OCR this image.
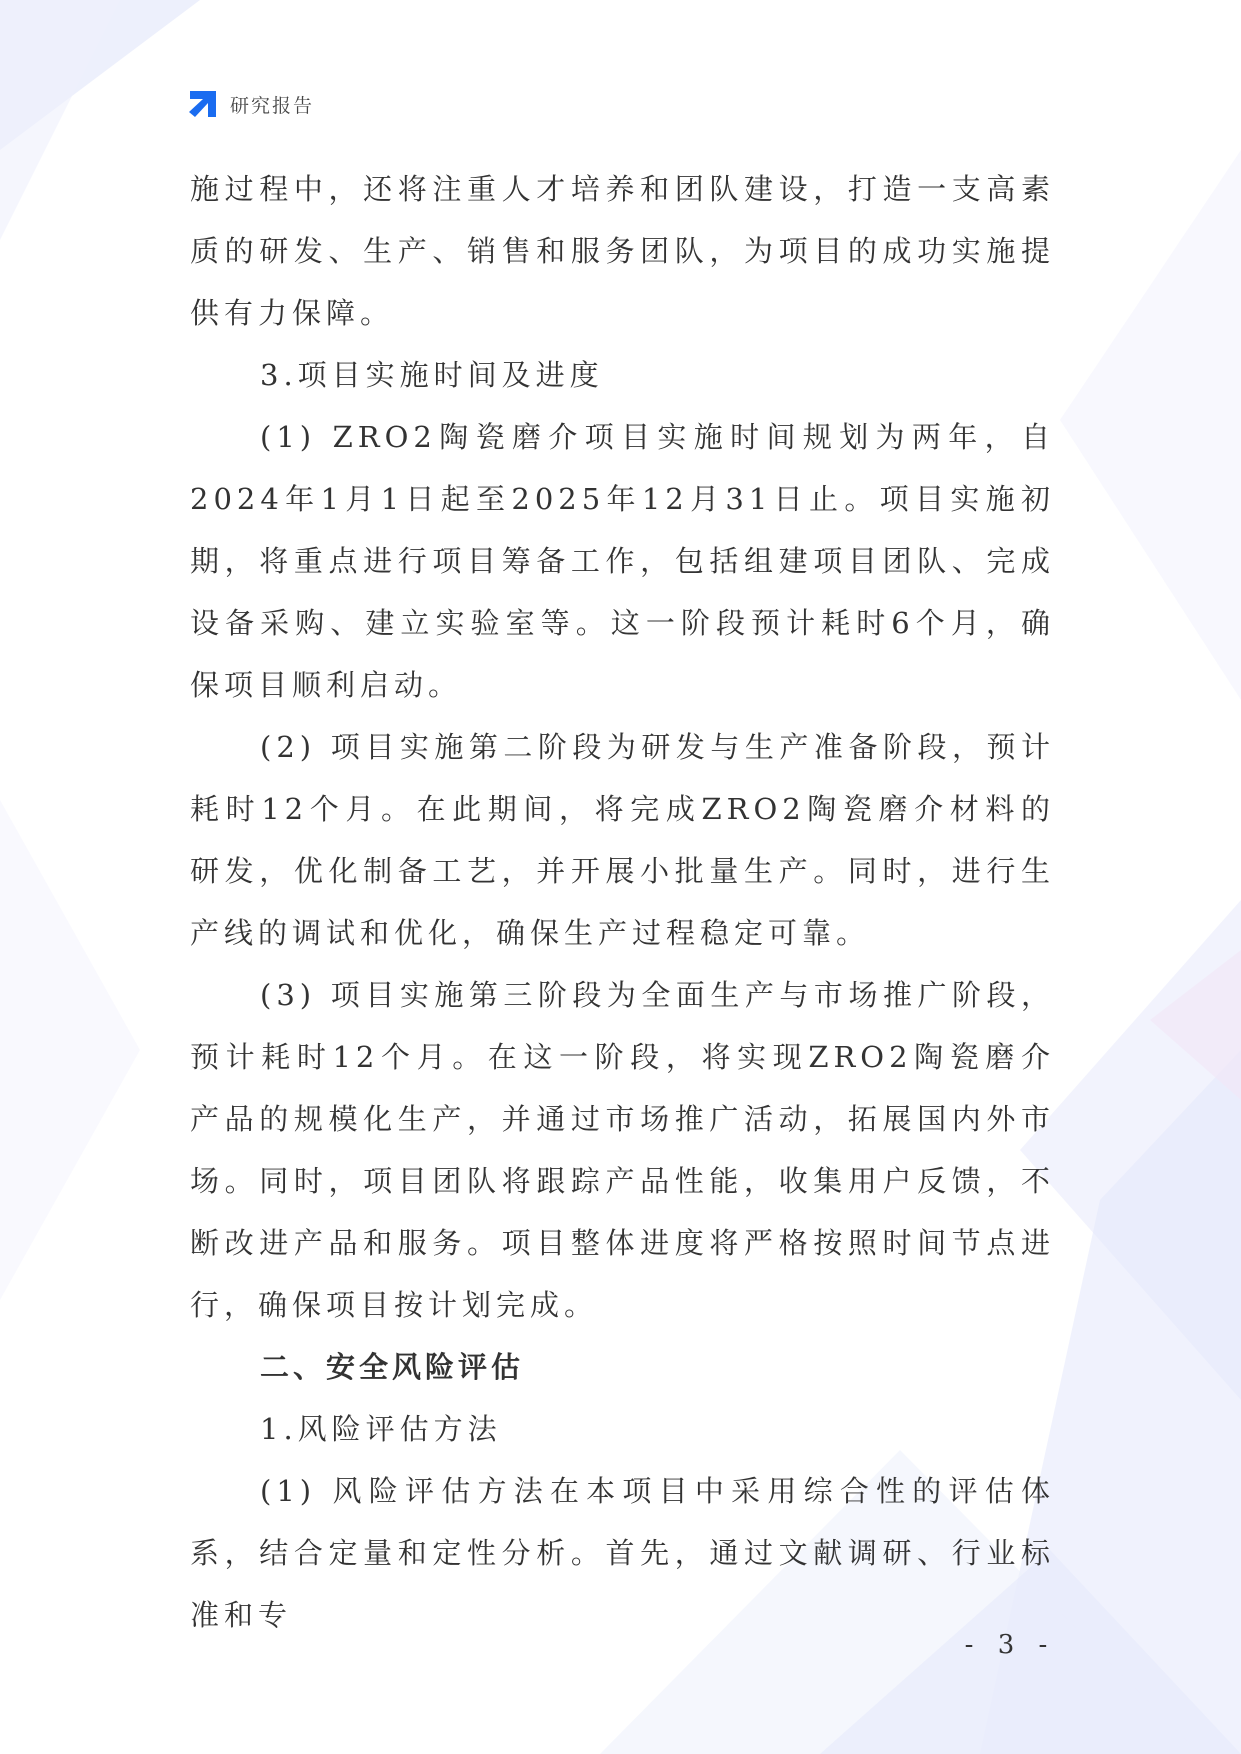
研究报告

施过程中，还将注重人才培养和团队建设，打造一支高素质的研发、生产、销售和服务团队，为项目的成功实施提供有力保障。

3.项目实施时间及进度

(1) ZRO2陶瓷磨介项目实施时间规划为两年，自2024年1月1日起至2025年12月31日止。项目实施初期，将重点进行项目筹备工作，包括组建项目团队、完成设备采购、建立实验室等。这一阶段预计耗时6个月，确保项目顺利启动。

(2) 项目实施第二阶段为研发与生产准备阶段，预计耗时12个月。在此期间，将完成ZRO2陶瓷磨介材料的研发，优化制备工艺，并开展小批量生产。同时，进行生产线的调试和优化，确保生产过程稳定可靠。

(3) 项目实施第三阶段为全面生产与市场推广阶段，预计耗时12个月。在这一阶段，将实现ZRO2陶瓷磨介产品的规模化生产，并通过市场推广活动，拓展国内外市场。同时，项目团队将跟踪产品性能，收集用户反馈，不断改进产品和服务。项目整体进度将严格按照时间节点进行，确保项目按计划完成。

二、安全风险评估

1.风险评估方法

(1) 风险评估方法在本项目中采用综合性的评估体系，结合定量和定性分析。首先，通过文献调研、行业标准和专

- 3 -
